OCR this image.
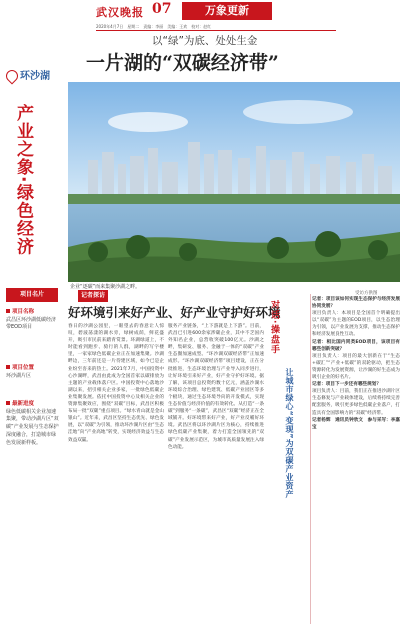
武汉晚报 07	万象更新
2020年4月7日　星期二　责编：李丽　美编：王欢　校对：赵红
环沙湖
产业之象·绿色经济
以“绿”为底、处处生金
一片湖的“双碳经济带”
企业“逐碳”而来集聚沙湖之畔。
受访方供图
项目名片
项目名称
武昌区环沙湖低碳经济带EOD项目
项目位置
环沙湖片区
最新进度
绿色低碳相关企业加速集聚，带动沙湖片区“双碳”产业发展与生态保护深度融合，打造城市绿色发展新样板。
记者探访
好环境引来好产业、好产业守护好环境
春日的沙湖公园里，一眼望去的春意让人惊叹，碧波荡漾的湖水旁，绿树成荫，鲜花盛开，吸引市民前来踏青赏景。环湖绿道上，不时能看到跑步、骑行的人群，湖畔的写字楼里，一家家绿色低碳企业正在加速集聚。沙湖畔边，三年前还是一片待建区域，如今已是企业纷至沓来的热土。2021年7月，中国投资中心沙湖畔，武昌由此成为全国首家以碳排放为主题的产业载体落户区。中国投资中心落地沙湖以来，招引相关企业多家，一批绿色低碳企业集聚发展。依托中国投资中心及相关企业的资源集聚效应，围绕“双碳”目标，武昌区积极布局一批“双碳”重点项目。“绿水青山就是金山银山”。近年来，武昌区坚持生态优先、绿色发展，以“双碳”为引领，推动环沙湖片区由“生态洼地”向“产业高地”转变，实现经济效益与生态效益双赢。
服务产业链条，“上下游就是上下游”。目前，武昌已引进600余家涉碳企业，其中不乏国内外知名企业，总营收突破100亿元。沙湖之畔，集研发、服务、金融于一体的“双碳”产业生态圈加速成型。“环沙湖双碳经济带”正加速成形。“环沙湖双碳经济带”项目建设，正在分批推进，生态环境治理与产业导入同步进行，让好环境引来好产业，好产业守护好环境。据了解，该项目总投资约数十亿元，涵盖沙湖水环境综合治理、绿色建筑、低碳产业园区等多个板块，通过生态环境导向的开发模式，实现生态价值与经济价值的有效转化。从打造“一条碳”到服务“一条碳”，武昌区“双碳”经济正在全域铺开。好环境带来好产业，好产业反哺好环境。武昌区将以环沙湖片区为核心，持续推进绿色低碳产业集聚，着力打造全国领先的“双碳”产业发展示范区，为城市高质量发展注入绿色动能。
对话·操盘手
让城市绿心“变现”为双碳产业资产

记者：项目该如何实现生态保护与经济发展协同发展？

项目负责人：本项目是全国首个明确提出以“双碳”为主题的EOD项目，以生态治理为引领，以产业发展为支撑，推动生态保护和经济发展良性互动。

记者：相比国内同类EOD项目，该项目有哪些创新突破？

项目负责人：项目的最大创新在于“生态+碳汇”“产业+低碳”的双轮驱动，把生态资源转化为发展资源，让沙湖的好生态成为吸引企业的好名片。

记者：项目下一步还有哪些规划？

项目负责人：目前，我们正在推进沙湖片区生态修复与产业载体建设，后续将持续完善配套服务，吸引更多绿色低碳企业落户，打造具有全国影响力的“双碳”经济带。

记者杨辉　通讯员钟欣文　参与采写：李嘉宝
